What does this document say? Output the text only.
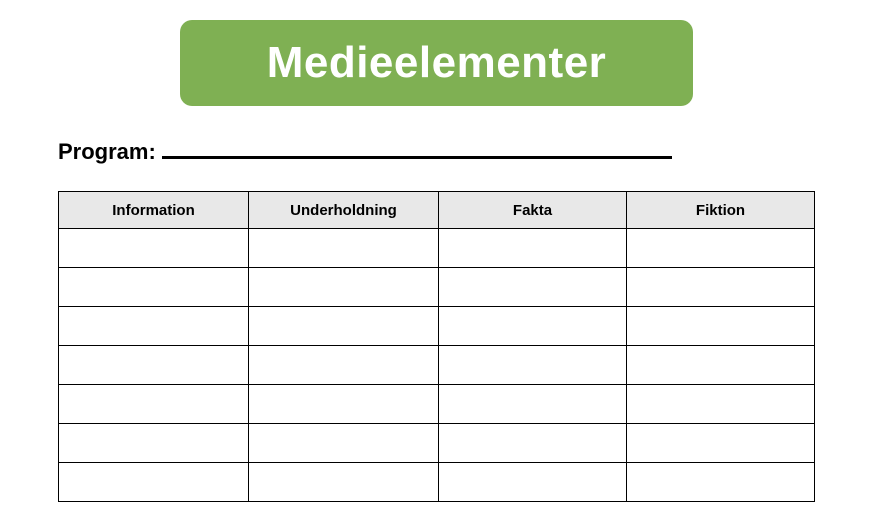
Medieelementer
Program:
Information	Underholdning	Fakta	Fiktion
